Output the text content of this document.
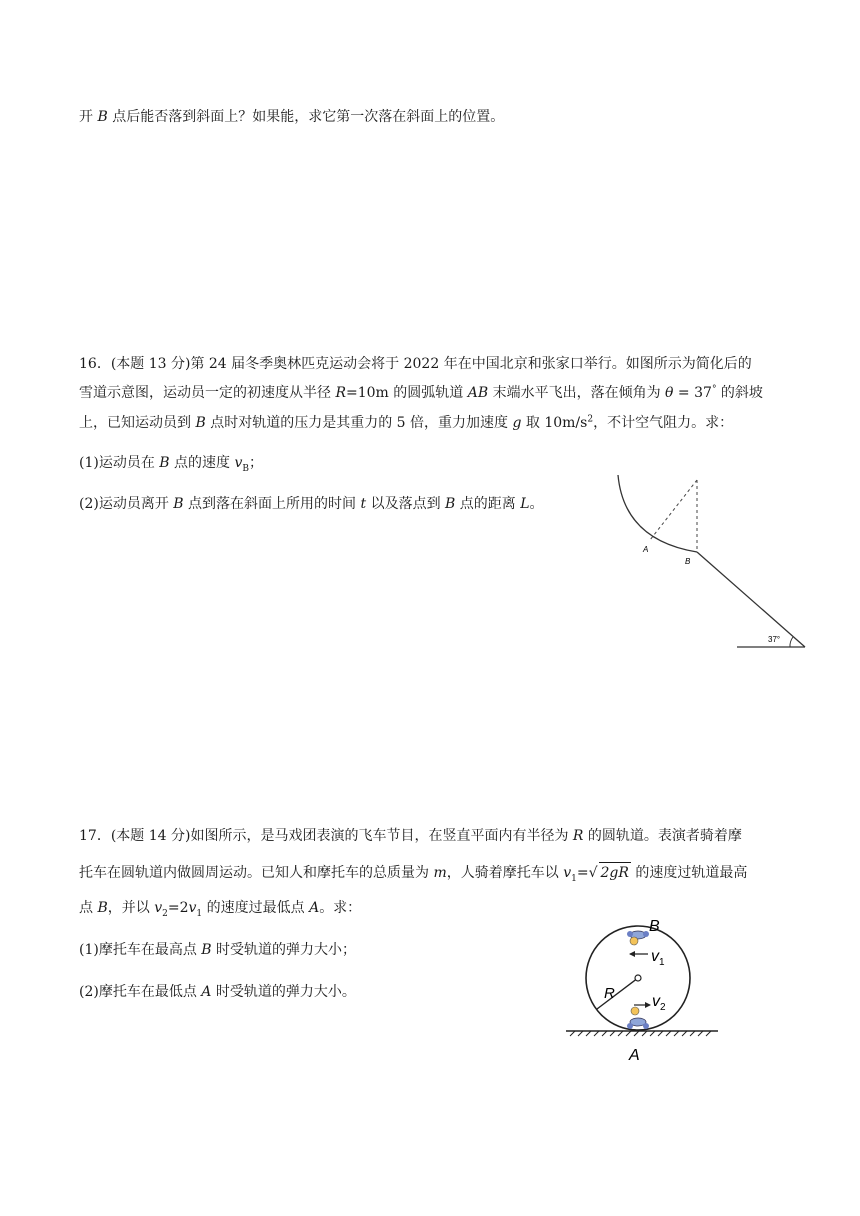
开 B 点后能否落到斜面上？如果能，求它第一次落在斜面上的位置。
16．(本题 13 分)第 24 届冬季奥林匹克运动会将于 2022 年在中国北京和张家口举行。如图所示为简化后的
雪道示意图，运动员一定的初速度从半径 R=10m 的圆弧轨道 AB 末端水平飞出，落在倾角为 θ = 37° 的斜坡
上，已知运动员到 B 点时对轨道的压力是其重力的 5 倍，重力加速度 g 取 $10m/s^2$，不计空气阻力。求：
(1)运动员在 B 点的速度 $v_B$；
(2)运动员离开 B 点到落在斜面上所用的时间 t 以及落点到 B 点的距离 L。
A
B
37°
17．(本题 14 分)如图所示，是马戏团表演的飞车节目，在竖直平面内有半径为 R 的圆轨道。表演者骑着摩
托车在圆轨道内做圆周运动。已知人和摩托车的总质量为 m，人骑着摩托车以 $v_1=√$ 2gR 的速度过轨道最高
点 B，并以 $v_2=2v_1$ 的速度过最低点 A。求：
(1)摩托车在最高点 B 时受轨道的弹力大小；
(2)摩托车在最低点 A 时受轨道的弹力大小。	R
$v_1$
$v_2$
B
A
